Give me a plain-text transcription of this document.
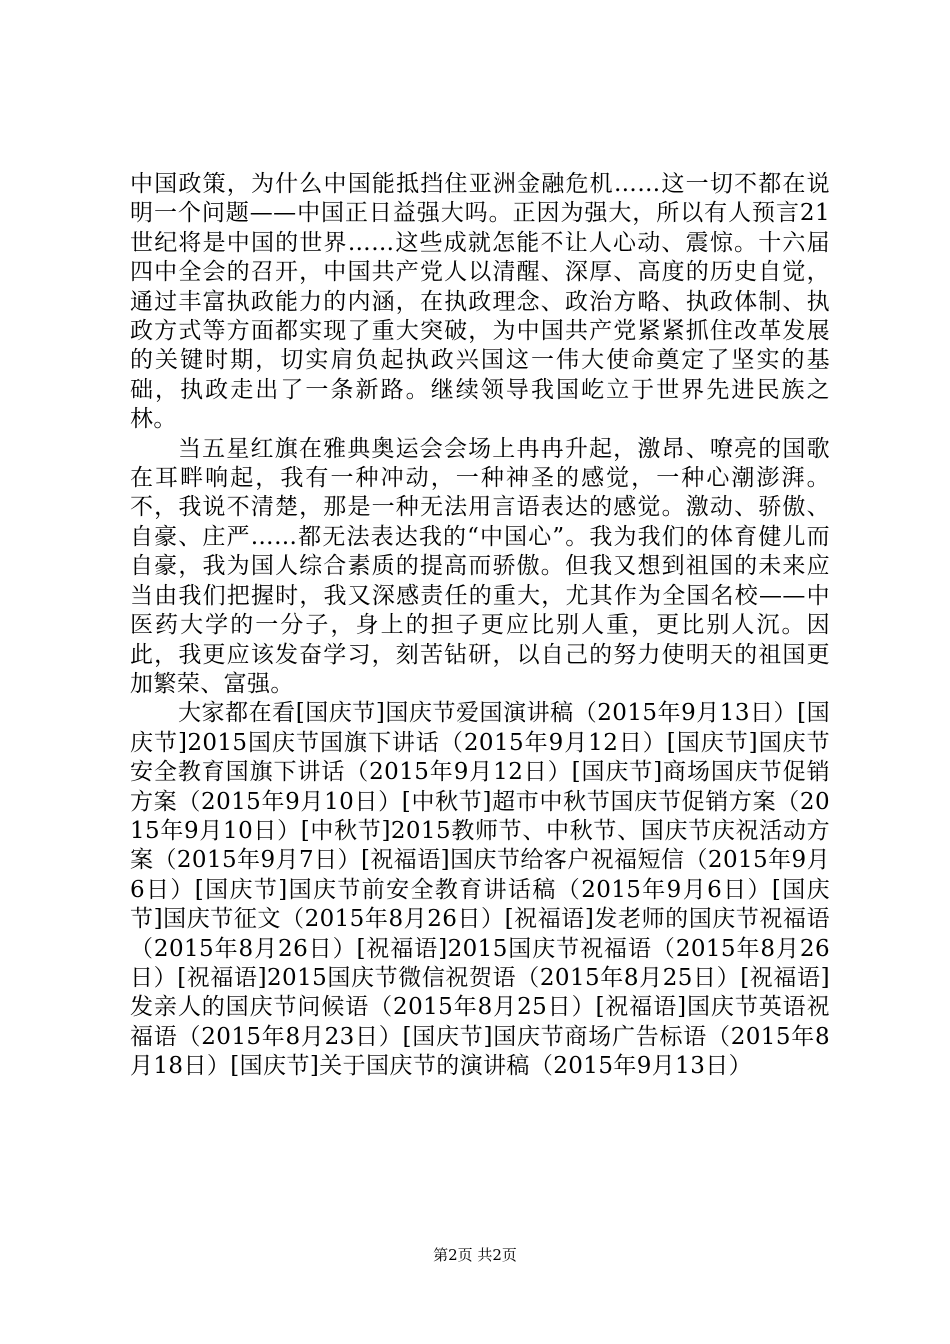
中国政策，为什么中国能抵挡住亚洲金融危机……这一切不都在说明一个问题——中国正日益强大吗。正因为强大，所以有人预言21世纪将是中国的世界……这些成就怎能不让人心动、震惊。十六届四中全会的召开，中国共产党人以清醒、深厚、高度的历史自觉，通过丰富执政能力的内涵，在执政理念、政治方略、执政体制、执政方式等方面都实现了重大突破，为中国共产党紧紧抓住改革发展的关键时期，切实肩负起执政兴国这一伟大使命奠定了坚实的基础，执政走出了一条新路。继续领导我国屹立于世界先进民族之林。

当五星红旗在雅典奥运会会场上冉冉升起，激昂、嘹亮的国歌在耳畔响起，我有一种冲动，一种神圣的感觉，一种心潮澎湃。不，我说不清楚，那是一种无法用言语表达的感觉。激动、骄傲、自豪、庄严……都无法表达我的“中国心”。我为我们的体育健儿而自豪，我为国人综合素质的提高而骄傲。但我又想到祖国的未来应当由我们把握时，我又深感责任的重大，尤其作为全国名校——中医药大学的一分子，身上的担子更应比别人重，更比别人沉。因此，我更应该发奋学习，刻苦钻研，以自己的努力使明天的祖国更加繁荣、富强。

大家都在看[国庆节]国庆节爱国演讲稿（2015年9月13日）[国庆节]2015国庆节国旗下讲话（2015年9月12日）[国庆节]国庆节安全教育国旗下讲话（2015年9月12日）[国庆节]商场国庆节促销方案（2015年9月10日）[中秋节]超市中秋节国庆节促销方案（2015年9月10日）[中秋节]2015教师节、中秋节、国庆节庆祝活动方案（2015年9月7日）[祝福语]国庆节给客户祝福短信（2015年9月6日）[国庆节]国庆节前安全教育讲话稿（2015年9月6日）[国庆节]国庆节征文（2015年8月26日）[祝福语]发老师的国庆节祝福语（2015年8月26日）[祝福语]2015国庆节祝福语（2015年8月26日）[祝福语]2015国庆节微信祝贺语（2015年8月25日）[祝福语]发亲人的国庆节问候语（2015年8月25日）[祝福语]国庆节英语祝福语（2015年8月23日）[国庆节]国庆节商场广告标语（2015年8月18日）[国庆节]关于国庆节的演讲稿（2015年9月13日）

第2页 共2页
